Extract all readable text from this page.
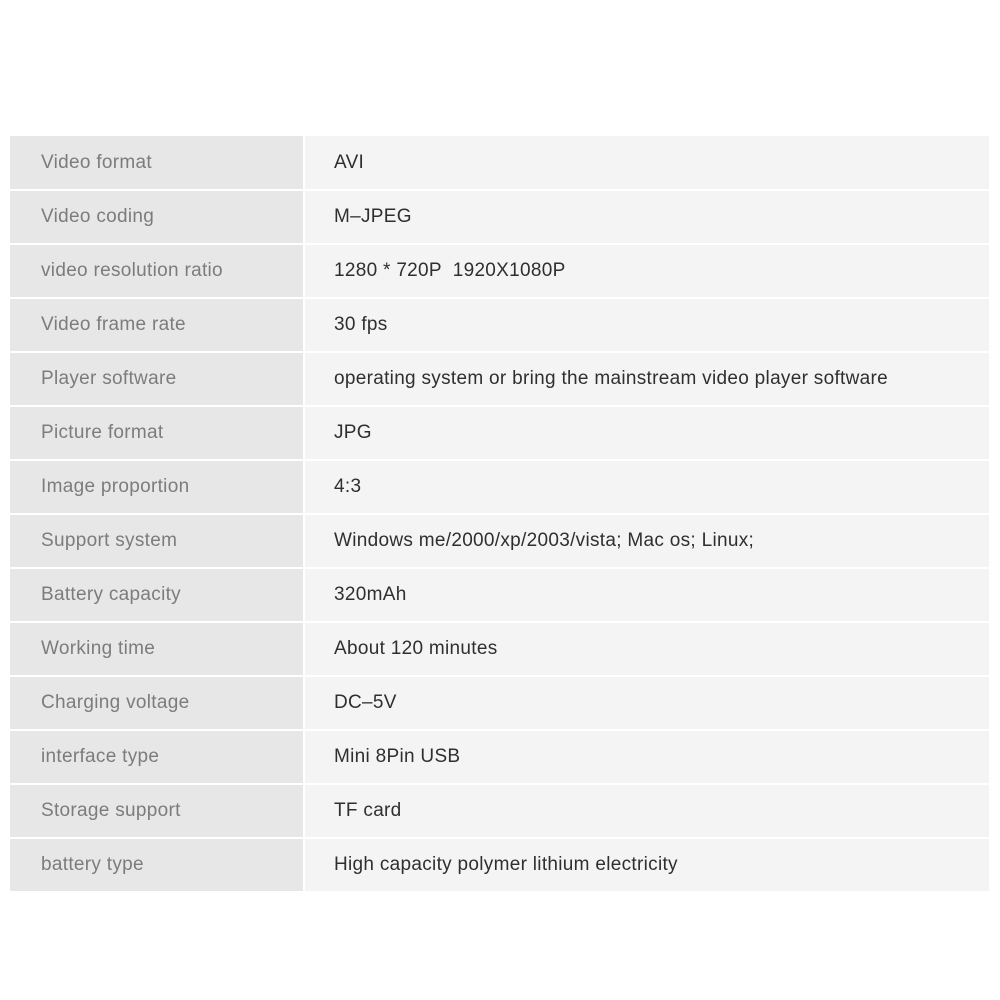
Video format	AVI
Video coding	M–JPEG
video resolution ratio	1280 * 720P  1920X1080P
Video frame rate	30 fps
Player software	operating system or bring the mainstream video player software
Picture format	JPG
Image proportion	4:3
Support system	Windows me/2000/xp/2003/vista; Mac os; Linux;
Battery capacity	320mAh
Working time	About 120 minutes
Charging voltage	DC–5V
interface type	Mini 8Pin USB
Storage support	TF card
battery type	High capacity polymer lithium electricity
